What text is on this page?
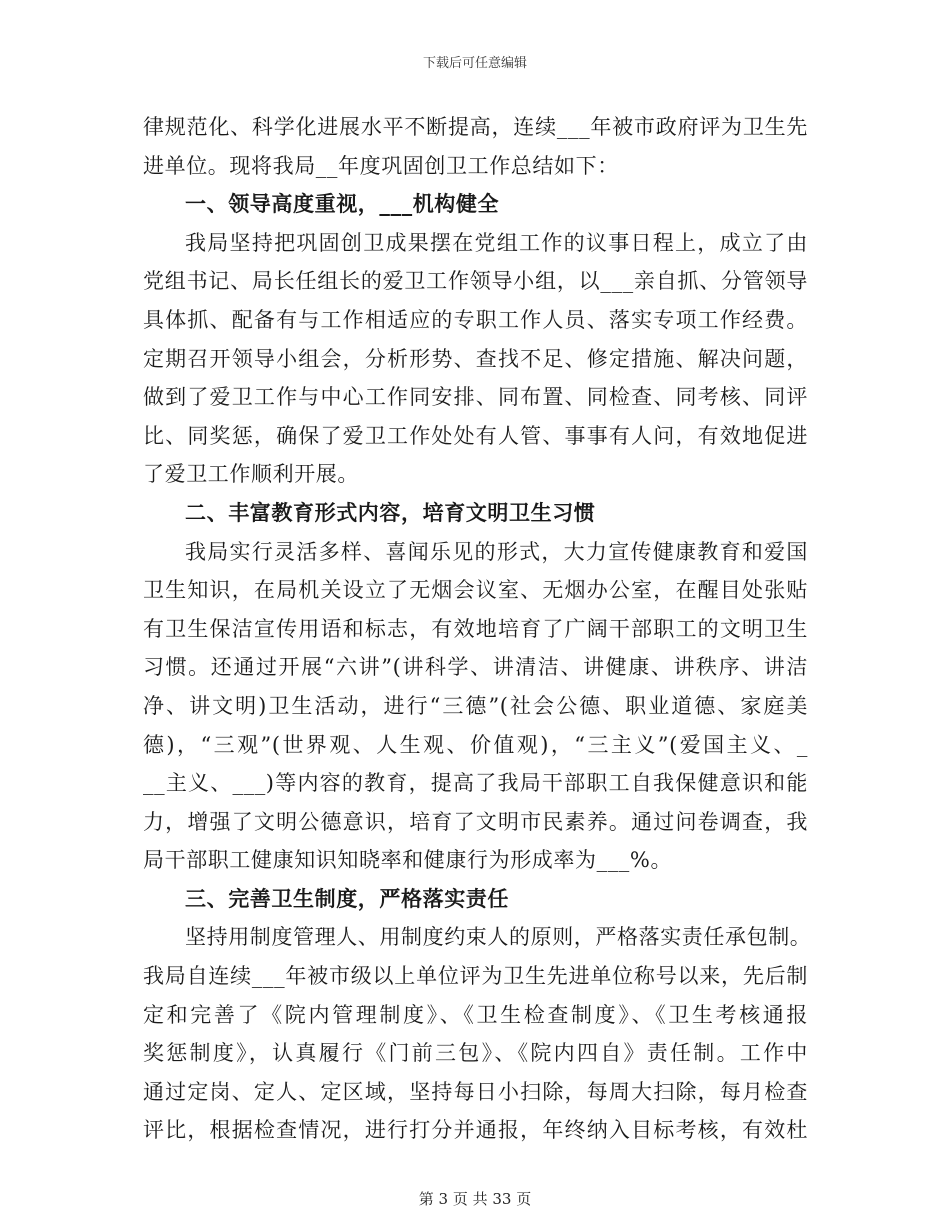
下载后可任意编辑
律规范化、科学化进展水平不断提高，连续___年被市政府评为卫生先
进单位。现将我局__年度巩固创卫工作总结如下：
一、领导高度重视，___机构健全
我局坚持把巩固创卫成果摆在党组工作的议事日程上，成立了由
党组书记、局长任组长的爱卫工作领导小组，以___亲自抓、分管领导
具体抓、配备有与工作相适应的专职工作人员、落实专项工作经费。
定期召开领导小组会，分析形势、查找不足、修定措施、解决问题，
做到了爱卫工作与中心工作同安排、同布置、同检查、同考核、同评
比、同奖惩，确保了爱卫工作处处有人管、事事有人问，有效地促进
了爱卫工作顺利开展。
二、丰富教育形式内容，培育文明卫生习惯
我局实行灵活多样、喜闻乐见的形式，大力宣传健康教育和爱国
卫生知识，在局机关设立了无烟会议室、无烟办公室，在醒目处张贴
有卫生保洁宣传用语和标志，有效地培育了广阔干部职工的文明卫生
习惯。还通过开展“六讲”(讲科学、讲清洁、讲健康、讲秩序、讲洁
净、讲文明)卫生活动，进行“三德”(社会公德、职业道德、家庭美
德)，“三观”(世界观、人生观、价值观)，“三主义”(爱国主义、_
__主义、___)等内容的教育，提高了我局干部职工自我保健意识和能
力，增强了文明公德意识，培育了文明市民素养。通过问卷调查，我
局干部职工健康知识知晓率和健康行为形成率为___%。
三、完善卫生制度，严格落实责任
坚持用制度管理人、用制度约束人的原则，严格落实责任承包制。
我局自连续___年被市级以上单位评为卫生先进单位称号以来，先后制
定和完善了《院内管理制度》、《卫生检查制度》、《卫生考核通报
奖惩制度》，认真履行《门前三包》、《院内四自》责任制。工作中
通过定岗、定人、定区域，坚持每日小扫除，每周大扫除，每月检查
评比，根据检查情况，进行打分并通报，年终纳入目标考核，有效杜
第 3 页 共 33 页
